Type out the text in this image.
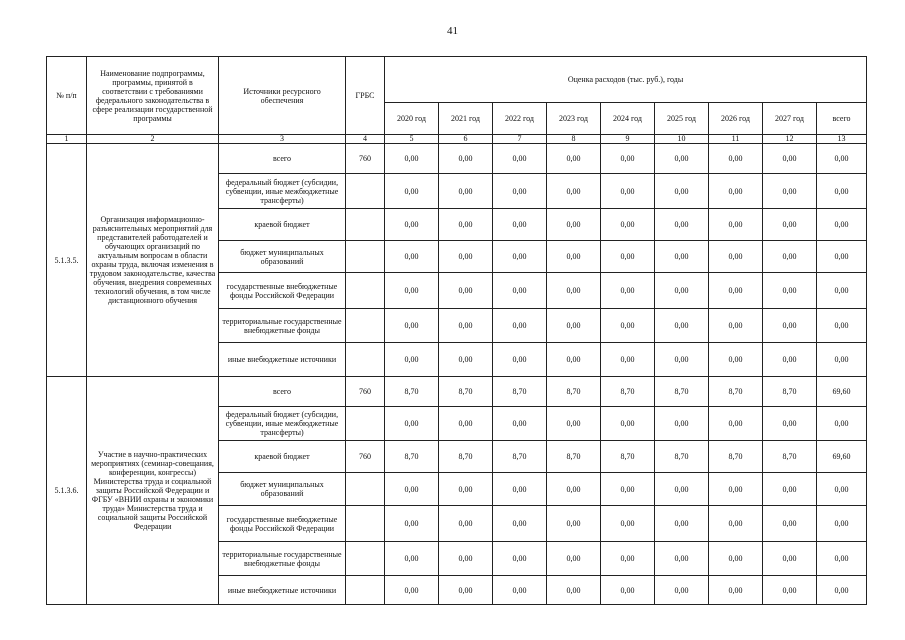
41
№ п/п	Наименование подпрограммы, программы, принятой в соответствии с требованиями федерального законодательства в сфере реализации государственной программы	Источники ресурсного обеспечения	ГРБС	Оценка расходов (тыс. руб.), годы								
				2020 год	2021 год	2022 год	2023 год	2024 год	2025 год	2026 год	2027 год	всего
1	2	3	4	5	6	7	8	9	10	11	12	13
5.1.3.5.	Организация информационно-разъяснительных мероприятий для представителей работодателей и обучающих организаций по актуальным вопросам в области охраны труда, включая изменения в трудовом законодательстве, качества обучения, внедрения современных технологий обучения, в том числе дистанционного обучения	всего	760	0,00	0,00	0,00	0,00	0,00	0,00	0,00	0,00	0,00
		федеральный бюджет (субсидии, субвенции, иные межбюджетные трансферты)		0,00	0,00	0,00	0,00	0,00	0,00	0,00	0,00	0,00
		краевой бюджет		0,00	0,00	0,00	0,00	0,00	0,00	0,00	0,00	0,00
		бюджет муниципальных образований		0,00	0,00	0,00	0,00	0,00	0,00	0,00	0,00	0,00
		государственные внебюджетные фонды Российской Федерации		0,00	0,00	0,00	0,00	0,00	0,00	0,00	0,00	0,00
		территориальные государственные внебюджетные фонды		0,00	0,00	0,00	0,00	0,00	0,00	0,00	0,00	0,00
		иные внебюджетные источники		0,00	0,00	0,00	0,00	0,00	0,00	0,00	0,00	0,00
5.1.3.6.	Участие в научно-практических мероприятиях (семинар-совещания, конференции, конгрессы) Министерства труда и социальной защиты Российской Федерации и ФГБУ «ВНИИ охраны и экономики труда» Министерства труда и социальной защиты Российской Федерации	всего	760	8,70	8,70	8,70	8,70	8,70	8,70	8,70	8,70	69,60
		федеральный бюджет (субсидии, субвенции, иные межбюджетные трансферты)		0,00	0,00	0,00	0,00	0,00	0,00	0,00	0,00	0,00
		краевой бюджет	760	8,70	8,70	8,70	8,70	8,70	8,70	8,70	8,70	69,60
		бюджет муниципальных образований		0,00	0,00	0,00	0,00	0,00	0,00	0,00	0,00	0,00
		государственные внебюджетные фонды Российской Федерации		0,00	0,00	0,00	0,00	0,00	0,00	0,00	0,00	0,00
		территориальные государственные внебюджетные фонды		0,00	0,00	0,00	0,00	0,00	0,00	0,00	0,00	0,00
		иные внебюджетные источники		0,00	0,00	0,00	0,00	0,00	0,00	0,00	0,00	0,00
